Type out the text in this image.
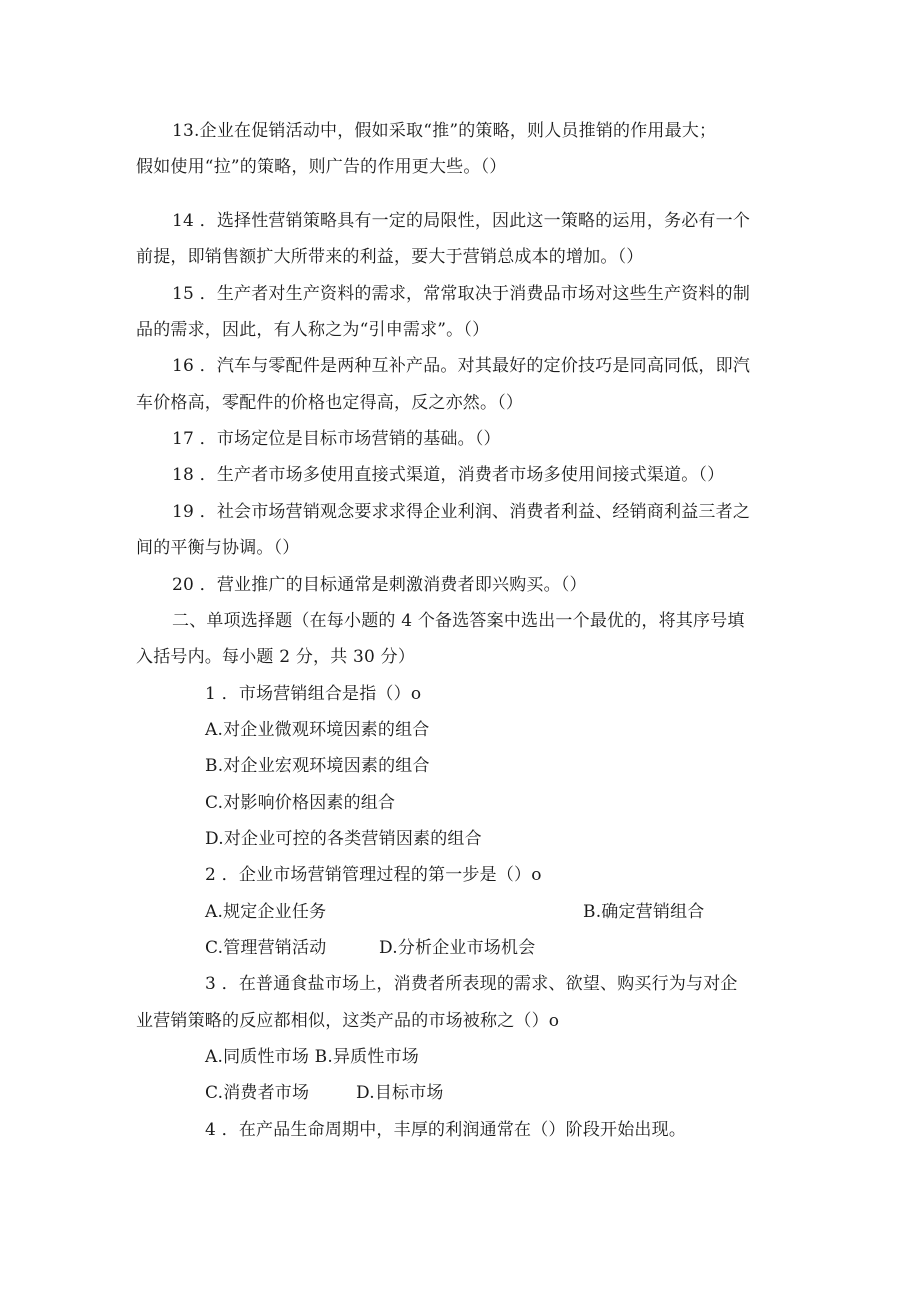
13.企业在促销活动中，假如采取“推”的策略，则人员推销的作用最大；
假如使用“拉”的策略，则广告的作用更大些。（）
14 ．选择性营销策略具有一定的局限性，因此这一策略的运用，务必有一个
前提，即销售额扩大所带来的利益，要大于营销总成本的增加。（）
15 ．生产者对生产资料的需求，常常取决于消费品市场对这些生产资料的制
品的需求，因此，有人称之为“引申需求”。（）
16 ．汽车与零配件是两种互补产品。对其最好的定价技巧是同高同低，即汽
车价格高，零配件的价格也定得高，反之亦然。（）
17 ．市场定位是目标市场营销的基础。（）
18 ．生产者市场多使用直接式渠道，消费者市场多使用间接式渠道。（）
19 ．社会市场营销观念要求求得企业利润、消费者利益、经销商利益三者之
间的平衡与协调。（）
20 ．营业推广的目标通常是刺激消费者即兴购买。（）
二、单项选择题（在每小题的 4 个备选答案中选出一个最优的，将其序号填
入括号内。每小题 2 分，共 30 分）
1 ．市场营销组合是指（）o
A.对企业微观环境因素的组合
B.对企业宏观环境因素的组合
C.对影响价格因素的组合
D.对企业可控的各类营销因素的组合
2 ．企业市场营销管理过程的第一步是（）o
A.规定企业任务	B.确定营销组合
C.管理营销活动	D.分析企业市场机会
3 ．在普通食盐市场上，消费者所表现的需求、欲望、购买行为与对企
业营销策略的反应都相似，这类产品的市场被称之（）o
A.同质性市场 B.异质性市场
C.消费者市场	D.目标市场
4 ．在产品生命周期中，丰厚的利润通常在（）阶段开始出现。
